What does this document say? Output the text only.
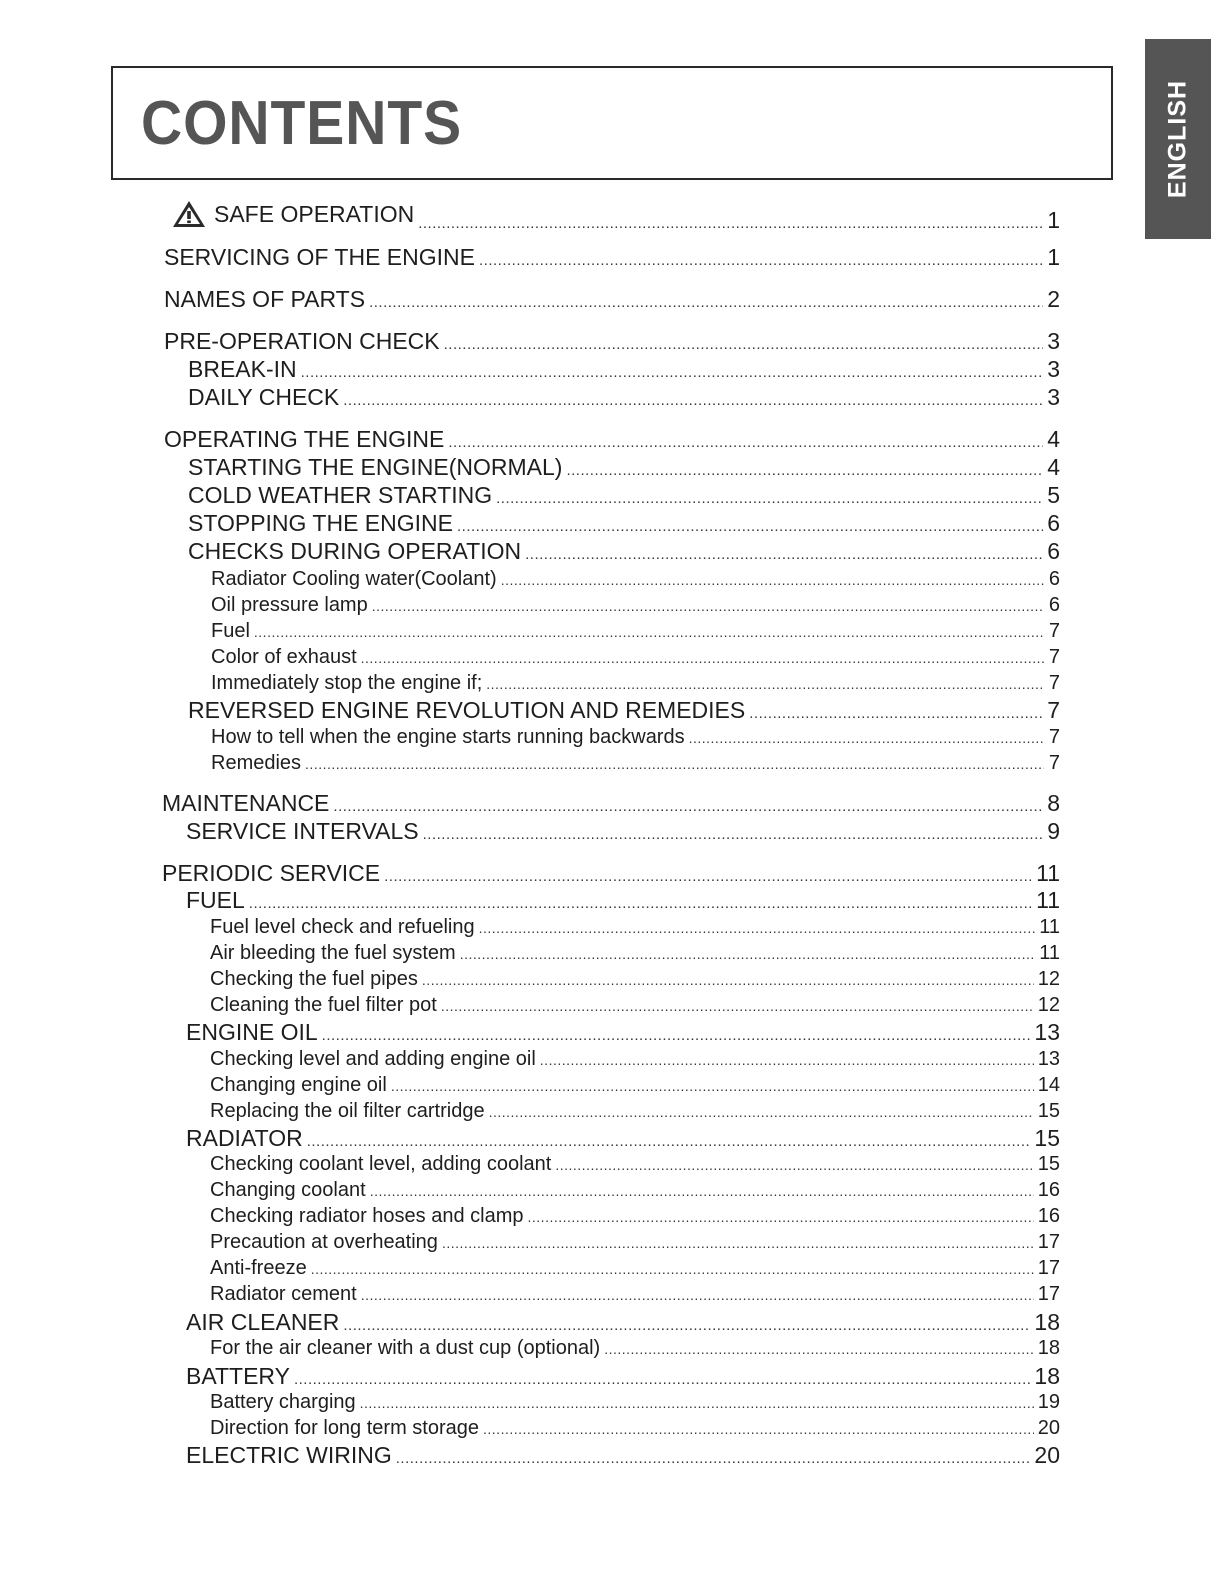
ENGLISH
CONTENTS
SAFE OPERATION .....	1
SERVICING OF THE ENGINE .....	1
NAMES OF PARTS .....	2
PRE-OPERATION CHECK .....	3
BREAK-IN .....	3
DAILY CHECK .....	3
OPERATING THE ENGINE .....	4
STARTING THE ENGINE(NORMAL) .....	4
COLD WEATHER STARTING .....	5
STOPPING THE ENGINE .....	6
CHECKS DURING OPERATION .....	6
Radiator Cooling water(Coolant) .....	6
Oil pressure lamp .....	6
Fuel .....	7
Color of exhaust .....	7
Immediately stop the engine if; .....	7
REVERSED ENGINE REVOLUTION AND REMEDIES .....	7
How to tell when the engine starts running backwards .....	7
Remedies .....	7
MAINTENANCE .....	8
SERVICE INTERVALS .....	9
PERIODIC SERVICE .....	11
FUEL .....	11
Fuel level check and refueling .....	11
Air bleeding the fuel system .....	11
Checking the fuel pipes .....	12
Cleaning the fuel filter pot .....	12
ENGINE OIL .....	13
Checking level and adding engine oil .....	13
Changing engine oil .....	14
Replacing the oil filter cartridge .....	15
RADIATOR .....	15
Checking coolant level, adding coolant .....	15
Changing coolant .....	16
Checking radiator hoses and clamp .....	16
Precaution at overheating .....	17
Anti-freeze .....	17
Radiator cement .....	17
AIR CLEANER .....	18
For the air cleaner with a dust cup (optional) .....	18
BATTERY .....	18
Battery charging .....	19
Direction for long term storage .....	20
ELECTRIC WIRING .....	20
